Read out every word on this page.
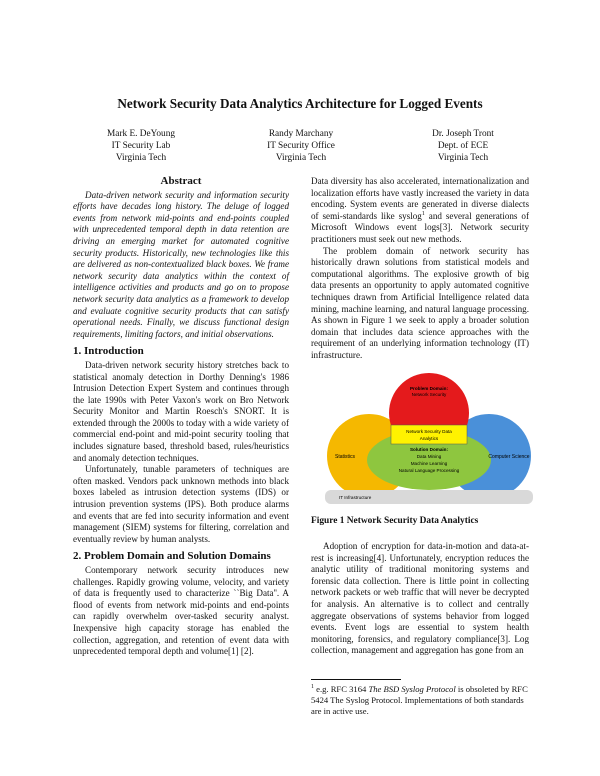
Network Security Data Analytics Architecture for Logged Events
Mark E. DeYoung
IT Security Lab
Virginia Tech
Randy Marchany
IT Security Office
Virginia Tech
Dr. Joseph Tront
Dept. of ECE
Virginia Tech
Abstract

Data-driven network security and information security efforts have decades long history. The deluge of logged events from network mid-points and end-points coupled with unprecedented temporal depth in data retention are driving an emerging market for automated cognitive security products. Historically, new technologies like this are delivered as non-contextualized black boxes. We frame network security data analytics within the context of intelligence activities and products and go on to propose network security data analytics as a framework to develop and evaluate cognitive security products that can satisfy operational needs. Finally, we discuss functional design requirements, limiting factors, and initial observations.

1. Introduction

Data-driven network security history stretches back to statistical anomaly detection in Dorthy Denning's 1986 Intrusion Detection Expert System and continues through the late 1990s with Peter Vaxon's work on Bro Network Security Monitor and Martin Roesch's SNORT. It is extended through the 2000s to today with a wide variety of commercial end-point and mid-point security tooling that includes signature based, threshold based, rules/heuristics and anomaly detection techniques.

Unfortunately, tunable parameters of techniques are often masked. Vendors pack unknown methods into black boxes labeled as intrusion detection systems (IDS) or intrusion prevention systems (IPS). Both produce alarms and events that are fed into security information and event management (SIEM) systems for filtering, correlation and eventually review by human analysts.

2. Problem Domain and Solution Domains

Contemporary network security introduces new challenges. Rapidly growing volume, velocity, and variety of data is frequently used to characterize ``Big Data''. A flood of events from network mid-points and end-points can rapidly overwhelm over-tasked security analyst. Inexpensive high capacity storage has enabled the collection, aggregation, and retention of event data with unprecedented temporal depth and volume[1] [2].

Data diversity has also accelerated, internationalization and localization efforts have vastly increased the variety in data encoding. System events are generated in diverse dialects of semi-standards like syslog$^1$ and several generations of Microsoft Windows event logs[3]. Network security practitioners must seek out new methods.

The problem domain of network security has historically drawn solutions from statistical models and computational algorithms. The explosive growth of big data presents an opportunity to apply automated cognitive techniques drawn from Artificial Intelligence related data mining, machine learning, and natural language processing. As shown in Figure 1 we seek to apply a broader solution domain that includes data science approaches with the requirement of an underlying information technology (IT) infrastructure.

Problem Domain:
Network Security
Network Security Data
Analytics
Solution Domain:
Data Mining
Machine Learning
Natural Language Processing
Statistics	Computer Science
IT Infrastructure
Figure 1 Network Security Data Analytics

Adoption of encryption for data-in-motion and data-at-rest is increasing[4]. Unfortunately, encryption reduces the analytic utility of traditional monitoring systems and forensic data collection. There is little point in collecting network packets or web traffic that will never be decrypted for analysis. An alternative is to collect and centrally aggregate observations of systems behavior from logged events. Event logs are essential to system health monitoring, forensics, and regulatory compliance[3]. Log collection, management and aggregation has gone from an

$^1$ e.g. RFC 3164 The BSD Syslog Protocol is obsoleted by RFC 5424 The Syslog Protocol. Implementations of both standards are in active use.
